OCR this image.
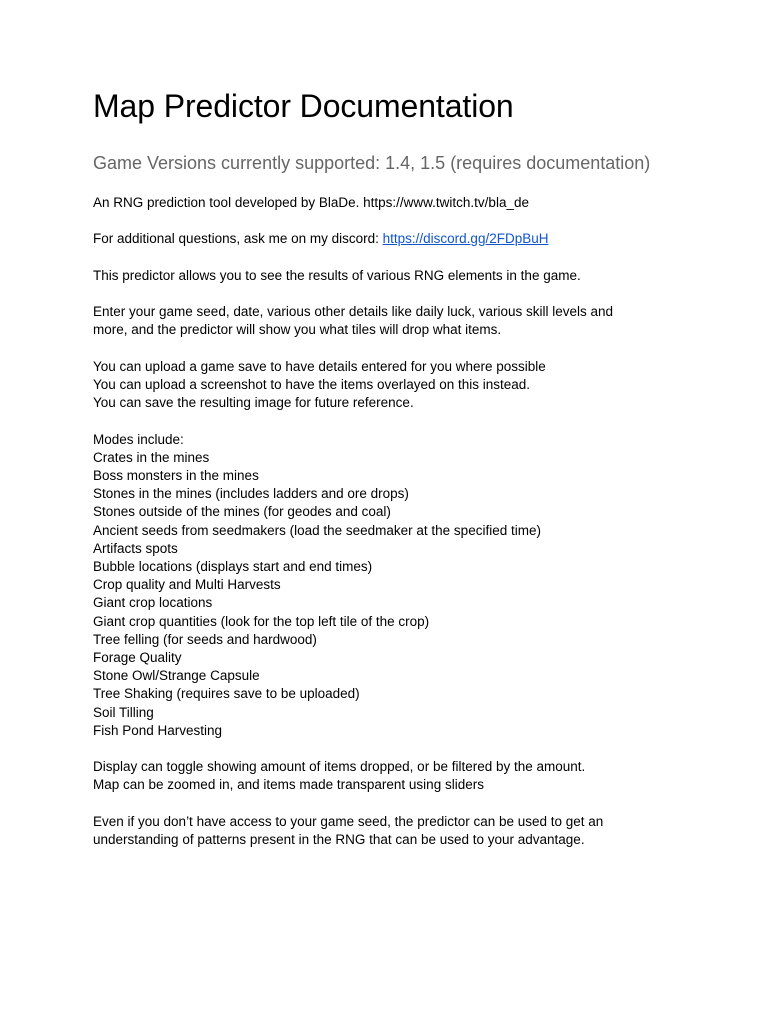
Map Predictor Documentation
Game Versions currently supported: 1.4, 1.5 (requires documentation)

An RNG prediction tool developed by BlaDe. https://www.twitch.tv/bla_de

For additional questions, ask me on my discord: https://discord.gg/2FDpBuH

This predictor allows you to see the results of various RNG elements in the game.

Enter your game seed, date, various other details like daily luck, various skill levels and

more, and the predictor will show you what tiles will drop what items.

You can upload a game save to have details entered for you where possible

You can upload a screenshot to have the items overlayed on this instead.

You can save the resulting image for future reference.

Modes include:

Crates in the mines

Boss monsters in the mines

Stones in the mines (includes ladders and ore drops)

Stones outside of the mines (for geodes and coal)

Ancient seeds from seedmakers (load the seedmaker at the specified time)

Artifacts spots

Bubble locations (displays start and end times)

Crop quality and Multi Harvests

Giant crop locations

Giant crop quantities (look for the top left tile of the crop)

Tree felling (for seeds and hardwood)

Forage Quality

Stone Owl/Strange Capsule

Tree Shaking (requires save to be uploaded)

Soil Tilling

Fish Pond Harvesting

Display can toggle showing amount of items dropped, or be filtered by the amount.

Map can be zoomed in, and items made transparent using sliders

Even if you don’t have access to your game seed, the predictor can be used to get an

understanding of patterns present in the RNG that can be used to your advantage.
